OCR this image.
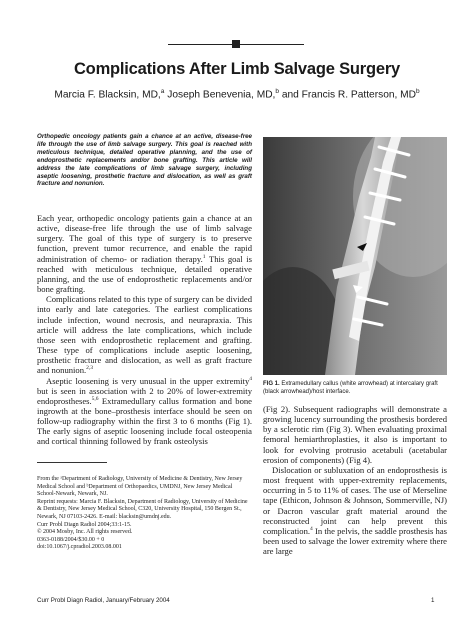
Complications After Limb Salvage Surgery
Marcia F. Blacksin, MD,$^a$ Joseph Benevenia, MD,$^b$ and Francis R. Patterson, $MD^b$
Orthopedic oncology patients gain a chance at an active, disease-free life through the use of limb salvage surgery. This goal is reached with meticulous technique, detailed operative planning, and the use of endoprosthetic replacements and/or bone grafting. This article will address the late complications of limb salvage surgery, including aseptic loosening, prosthetic fracture and dislocation, as well as graft fracture and nonunion.

Each year, orthopedic oncology patients gain a chance at an active, disease-free life through the use of limb salvage surgery. The goal of this type of surgery is to preserve function, prevent tumor recurrence, and enable the rapid administration of chemo- or radiation therapy.$^1$ This goal is reached with meticulous technique, detailed operative planning, and the use of endoprosthetic replacements and/or bone grafting.

Complications related to this type of surgery can be divided into early and late categories. The earliest complications include infection, wound necrosis, and neurapraxia. This article will address the late complications, which include those seen with endoprosthetic replacement and grafting. These type of complications include aseptic loosening, prosthetic fracture and dislocation, as well as graft fracture and nonunion.$^{2,3}$

Aseptic loosening is very unusual in the upper extremity$^4$ but is seen in association with 2 to 20% of lower-extremity endoprostheses.$^{5,6}$ Extramedullary callus formation and bone ingrowth at the bone–prosthesis interface should be seen on follow-up radiography within the first 3 to 6 months (Fig 1). The early signs of aseptic loosening include focal osteopenia and cortical thinning followed by frank osteolysis

From the ᵃDepartment of Radiology, University of Medicine & Dentistry, New Jersey Medical School and ᵇDepartment of Orthopaedics, UMDNJ, New Jersey Medical School-Newark, Newark, NJ.
Reprint requests: Marcia F. Blacksin, Department of Radiology, University of Medicine & Dentistry, New Jersey Medical School, C320, University Hospital, 150 Bergen St., Newark, NJ 07103-2426. E-mail: blacksin@umdnj.edu.
Curr Probl Diagn Radiol 2004;33:1-15.
© 2004 Mosby, Inc. All rights reserved.
0363-0188/2004/$30.00 + 0
doi:10.1067/j.cpradiol.2003.08.001
FIG 1. Extramedullary callus (white arrowhead) at intercalary graft (black arrowhead)/host interface.

(Fig 2). Subsequent radiographs will demonstrate a growing lucency surrounding the prosthesis bordered by a sclerotic rim (Fig 3). When evaluating proximal femoral hemiarthroplasties, it also is important to look for evolving protrusio acetabuli (acetabular erosion of components) (Fig 4).

Dislocation or subluxation of an endoprosthesis is most frequent with upper-extremity replacements, occurring in 5 to 11% of cases. The use of Merseline tape (Ethicon, Johnson & Johnson, Sommerville, NJ) or Dacron vascular graft material around the reconstructed joint can help prevent this complication.$^4$ In the pelvis, the saddle prosthesis has been used to salvage the lower extremity where there are large

Curr Probl Diagn Radiol, January/February 2004	1
